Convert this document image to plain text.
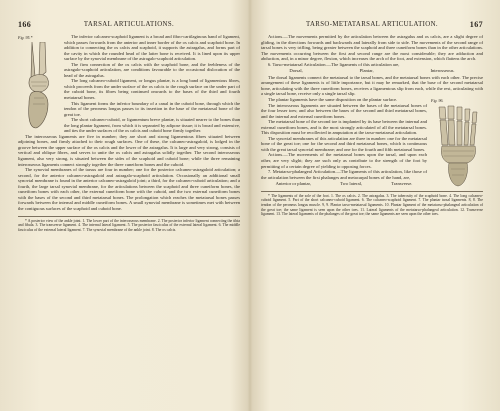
166	TARSAL ARTICULATIONS.
Fig. 95.*	The inferior calcaneo-scaphoid ligament is a broad and fibro-cartilaginous band of ligament, which passes forwards from the anterior and inner border of the os calcis and scaphoid bone. In addition to connecting the os calcis and scaphoid, it supports the astragalus, and forms part of the cavity in which the rounded head of the latter bone is received. It is lined upon its upper surface by the synovial membrane of the astragalo-scaphoid articulation.

The firm connection of the os calcis with the scaphoid bone, and the feebleness of the astragalo-scaphoid articulation, are conditions favourable to the occasional dislocation of the head of the astragalus.

The long calcaneo-cuboid ligament, or longus plantæ, is a long band of ligamentous fibres, which proceeds from the under surface of the os calcis to the rough surface on the under part of the cuboid bone, its fibres being continued onwards to the bases of the third and fourth metatarsal bones.

This ligament forms the inferior boundary of a canal in the cuboid bone, through which the tendon of the peroneus longus passes to its insertion in the base of the metatarsal bone of the great toe.

The short calcaneo-cuboid, or ligamentum breve plantæ, is situated nearer to the bones than the long plantar ligament, from which it is separated by adipose tissue; it is broad and extensive, and ties the under surfaces of the os calcis and cuboid bone firmly together.

The interosseous ligaments are five in number; they are short and strong ligamentous fibres situated between adjoining bones, and firmly attached to their rough surfaces. One of these, the calcaneo-astragaloid, is lodged in the groove between the upper surface of the os calcis and the lower of the astragalus. It is large and very strong, consists of vertical and oblique fibres, and serves to unite the os calcis and astragalus solidly together. The second interosseous ligament, also very strong, is situated between the sides of the scaphoid and cuboid bone; while the three remaining interosseous ligaments connect strongly together the three cuneiform bones and the cuboid.

The synovial membranes of the tarsus are four in number; one for the posterior calcaneo-astragaloid articulation; a second, for the anterior calcaneo-astragaloid and astragalo-scaphoid articulation. Occasionally an additional small synovial membrane is found in the anterior calcaneo-astragaloid joint; a third, for the calcaneo-cuboid articulation; and a fourth, the large tarsal synovial membrane, for the articulations between the scaphoid and three cuneiform bones, the cuneiform bones with each other, the external cuneiform bone with the cuboid, and the two external cuneiform bones with the bases of the second and third metatarsal bones. The prolongation which reaches the metatarsal bones passes forwards between the internal and middle cuneiform bones. A small synovial membrane is sometimes met with between the contiguous surfaces of the scaphoid and cuboid bone.

* A posterior view of the ankle joint. 1. The lower part of the interosseous membrane. 2. The posterior inferior ligament connecting the tibia and fibula. 3. The transverse ligament. 4. The internal lateral ligament. 5. The posterior fasciculus of the external lateral ligament. 6. The middle fasciculus of the external lateral ligament. 7. The synovial membrane of the ankle joint. 8. The os calcis.

TARSO-METATARSAL ARTICULATION.	167

Actions.—The movements permitted by the articulation between the astragalus and os calcis, are a slight degree of gliding, in the directions forwards and backwards and laterally from side to side. The movements of the second range of tarsal bones is very trifling, being greater between the scaphoid and three cuneiform bones than in the other articulations. The movements occurring between the first and second range are the most considerable; they are adduction and abduction, and, in a minor degree, flexion, which increases the arch of the foot, and extension, which flattens the arch.

6. Tarso-metatarsal Articulation.—The ligaments of this articulation are,

Dorsal,	Plantar,	Interosseous.

The dorsal ligaments connect the metatarsal to the tarsal bones, and the metatarsal bones with each other. The precise arrangement of these ligaments is of little importance, but it may be remarked, that the base of the second metatarsal bone, articulating with the three cuneiform bones, receives a ligamentous slip from each, while the rest, articulating with a single tarsal bone, receive only a single tarsal slip.

Fig. 96.

The plantar ligaments have the same disposition on the plantar surface.

The interosseous ligaments are situated between the bases of the metatarsal bones of the four lesser toes; and also between the bases of the second and third metatarsal bones, and the internal and external cuneiform bones.

The metatarsal bone of the second toe is implanted by its base between the internal and external cuneiform bones, and is the most strongly articulated of all the metatarsal bones. This disposition must be recollected in amputation at the tarso-metatarsal articulation.

The synovial membranes of this articulation are three in number: one for the metatarsal bone of the great toe; one for the second and third metatarsal bones, which is continuous with the great tarsal synovial membrane; and one for the fourth and fifth metatarsal bones.

Actions.—The movements of the metatarsal bones upon the tarsal, and upon each other, are very slight; they are such only as contribute to the strength of the foot by permitting of a certain degree of yielding to opposing forces.

7. Metatarso-phalangeal Articulation.—The ligaments of this articulation, like those of the articulation between the first phalanges and metacarpal bones of the hand, are,

Anterior or plantar,	Two lateral,	Transverse.

* The ligaments of the sole of the foot. 1. The os calcis. 2. The astragalus. 3. The tuberosity of the scaphoid bone. 4. The long calcaneo-cuboid ligament. 5. Part of the short calcaneo-cuboid ligament. 6. The calcaneo-scaphoid ligament. 7. The plantar tarsal ligaments. 8, 8. The tendon of the peroneus longus muscle. 9, 9. Plantar tarso-metatarsal ligaments. 10. Plantar ligament of the metatarso-phalangeal articulation of the great toe; the same ligament is seen upon the other toes. 11. Lateral ligaments of the metatarso-phalangeal articulation. 12. Transverse ligament. 13. The lateral ligaments of the phalanges of the great toe; the same ligaments are seen upon the other toes.
